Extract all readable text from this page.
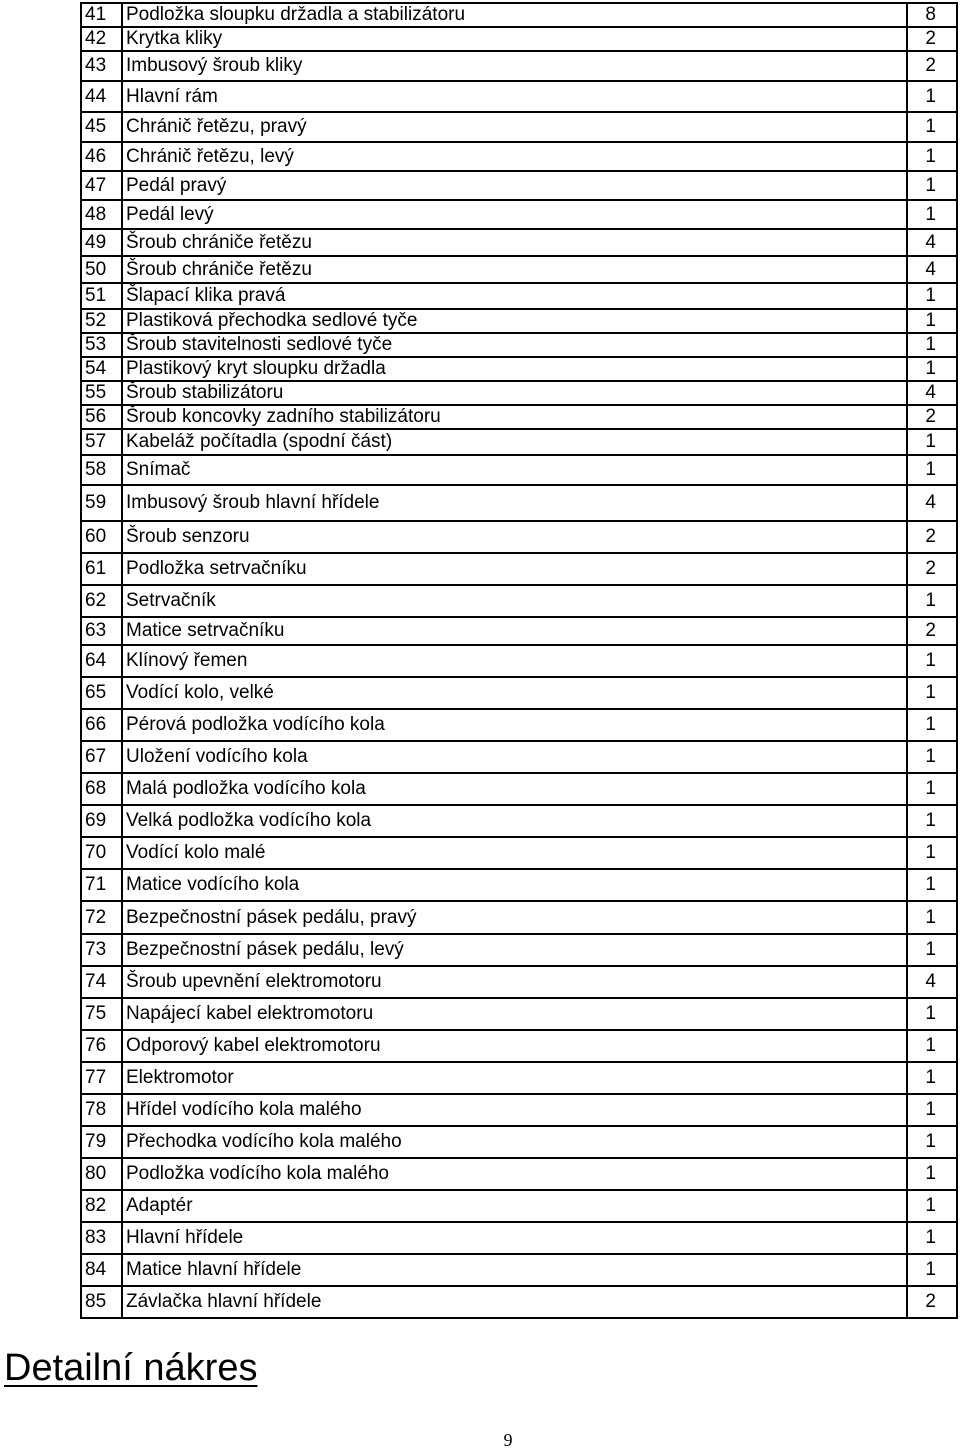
41	Podložka sloupku držadla a stabilizátoru	8
42	Krytka kliky	2
43	Imbusový šroub kliky	2
44	Hlavní rám	1
45	Chránič řetězu, pravý	1
46	Chránič řetězu, levý	1
47	Pedál pravý	1
48	Pedál levý	1
49	Šroub chrániče řetězu	4
50	Šroub chrániče řetězu	4
51	Šlapací klika pravá	1
52	Plastiková přechodka sedlové tyče	1
53	Šroub stavitelnosti sedlové tyče	1
54	Plastikový kryt sloupku držadla	1
55	Šroub stabilizátoru	4
56	Šroub koncovky zadního stabilizátoru	2
57	Kabeláž počítadla (spodní část)	1
58	Snímač	1
59	Imbusový šroub hlavní hřídele	4
60	Šroub senzoru	2
61	Podložka setrvačníku	2
62	Setrvačník	1
63	Matice setrvačníku	2
64	Klínový řemen	1
65	Vodící kolo, velké	1
66	Pérová podložka vodícího kola	1
67	Uložení vodícího kola	1
68	Malá podložka vodícího kola	1
69	Velká podložka vodícího kola	1
70	Vodící kolo malé	1
71	Matice vodícího kola	1
72	Bezpečnostní pásek pedálu, pravý	1
73	Bezpečnostní pásek pedálu, levý	1
74	Šroub upevnění elektromotoru	4
75	Napájecí kabel elektromotoru	1
76	Odporový kabel elektromotoru	1
77	Elektromotor	1
78	Hřídel vodícího kola malého	1
79	Přechodka vodícího kola malého	1
80	Podložka vodícího kola malého	1
82	Adaptér	1
83	Hlavní hřídele	1
84	Matice hlavní hřídele	1
85	Závlačka hlavní hřídele	2
Detailní nákres
9
